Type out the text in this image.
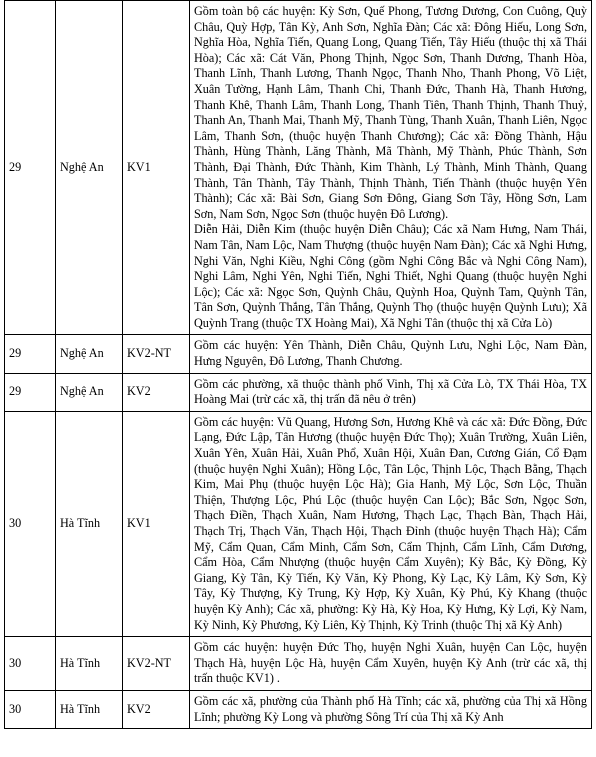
29	Nghệ An	KV1	Gồm toàn bộ các huyện: Kỳ Sơn, Quế Phong, Tương Dương, Con Cuông, Quỳ Châu, Quỳ Hợp, Tân Kỳ, Anh Sơn, Nghĩa Đàn; Các xã: Đông Hiếu, Long Sơn, Nghĩa Hòa, Nghĩa Tiến, Quang Long, Quang Tiến, Tây Hiếu (thuộc thị xã Thái Hòa); Các xã: Cát Văn, Phong Thịnh, Ngọc Sơn, Thanh Dương, Thanh Hòa, Thanh Lĩnh, Thanh Lương, Thanh Ngọc, Thanh Nho, Thanh Phong, Võ Liệt, Xuân Tường, Hạnh Lâm, Thanh Chi, Thanh Đức, Thanh Hà, Thanh Hương, Thanh Khê, Thanh Lâm, Thanh Long, Thanh Tiên, Thanh Thịnh, Thanh Thuỷ, Thanh An, Thanh Mai, Thanh Mỹ, Thanh Tùng, Thanh Xuân, Thanh Liên, Ngọc Lâm, Thanh Sơn, (thuộc huyện Thanh Chương); Các xã: Đồng Thành, Hậu Thành, Hùng Thành, Lăng Thành, Mã Thành, Mỹ Thành, Phúc Thành, Sơn Thành, Đại Thành, Đức Thành, Kim Thành, Lý Thành, Minh Thành, Quang Thành, Tân Thành, Tây Thành, Thịnh Thành, Tiến Thành (thuộc huyện Yên Thành); Các xã: Bài Sơn, Giang Sơn Đông, Giang Sơn Tây, Hồng Sơn, Lam Sơn, Nam Sơn, Ngọc Sơn (thuộc huyện Đô Lương).
Diễn Hải, Diễn Kim (thuộc huyện Diễn Châu); Các xã Nam Hưng, Nam Thái, Nam Tân, Nam Lộc, Nam Thượng (thuộc huyện Nam Đàn); Các xã Nghi Hưng, Nghi Văn, Nghi Kiều, Nghi Công (gồm Nghi Công Bắc và Nghi Công Nam), Nghi Lâm, Nghi Yên, Nghi Tiến, Nghi Thiết, Nghi Quang (thuộc huyện Nghi Lộc); Các xã: Ngọc Sơn, Quỳnh Châu, Quỳnh Hoa, Quỳnh Tam, Quỳnh Tân, Tân Sơn, Quỳnh Thắng, Tân Thắng, Quỳnh Thọ (thuộc huyện Quỳnh Lưu); Xã Quỳnh Trang (thuộc TX Hoàng Mai), Xã Nghi Tân (thuộc thị xã Cửa Lò)

29	Nghệ An	KV2-NT	Gồm các huyện: Yên Thành, Diễn Châu, Quỳnh Lưu, Nghi Lộc, Nam Đàn, Hưng Nguyên, Đô Lương, Thanh Chương.

29	Nghệ An	KV2	Gồm các phường, xã thuộc thành phố Vinh, Thị xã Cửa Lò, TX Thái Hòa, TX Hoàng Mai (trừ các xã, thị trấn đã nêu ở trên)

30	Hà Tĩnh	KV1	Gồm các huyện: Vũ Quang, Hương Sơn, Hương Khê và các xã: Đức Đồng, Đức Lạng, Đức Lập, Tân Hương (thuộc huyện Đức Thọ); Xuân Trường, Xuân Liên, Xuân Yên, Xuân Hải, Xuân Phổ, Xuân Hội, Xuân Đan, Cương Gián, Cổ Đạm (thuộc huyện Nghi Xuân); Hồng Lộc, Tân Lộc, Thịnh Lộc, Thạch Bằng, Thạch Kim, Mai Phụ (thuộc huyện Lộc Hà); Gia Hanh, Mỹ Lộc, Sơn Lộc, Thuần Thiện, Thượng Lộc, Phú Lộc (thuộc huyện Can Lộc); Bắc Sơn, Ngọc Sơn, Thạch Điền, Thạch Xuân, Nam Hương, Thạch Lạc, Thạch Bàn, Thạch Hải, Thạch Trị, Thạch Văn, Thạch Hội, Thạch Đỉnh (thuộc huyện Thạch Hà); Cẩm Mỹ, Cẩm Quan, Cẩm Minh, Cẩm Sơn, Cẩm Thịnh, Cẩm Lĩnh, Cẩm Dương, Cẩm Hòa, Cẩm Nhượng (thuộc huyện Cẩm Xuyên); Kỳ Bắc, Kỳ Đồng, Kỳ Giang, Kỳ Tân, Kỳ Tiến, Kỳ Văn, Kỳ Phong, Kỳ Lạc, Kỳ Lâm, Kỳ Sơn, Kỳ Tây, Kỳ Thượng, Kỳ Trung, Kỳ Hợp, Kỳ Xuân, Kỳ Phú, Kỳ Khang (thuộc huyện Kỳ Anh); Các xã, phường: Kỳ Hà, Kỳ Hoa, Kỳ Hưng, Kỳ Lợi, Kỳ Nam, Kỳ Ninh, Kỳ Phương, Kỳ Liên, Kỳ Thịnh, Kỳ Trinh (thuộc Thị xã Kỳ Anh)

30	Hà Tĩnh	KV2-NT	Gồm các huyện: huyện Đức Thọ, huyện Nghi Xuân, huyện Can Lộc, huyện Thạch Hà, huyện Lộc Hà, huyện Cẩm Xuyên, huyện Kỳ Anh (trừ các xã, thị trấn thuộc KV1) .

30	Hà Tĩnh	KV2	Gồm các xã, phường của Thành phố Hà Tĩnh; các xã, phường của Thị xã Hồng Lĩnh; phường Kỳ Long và phường Sông Trí của Thị xã Kỳ Anh
